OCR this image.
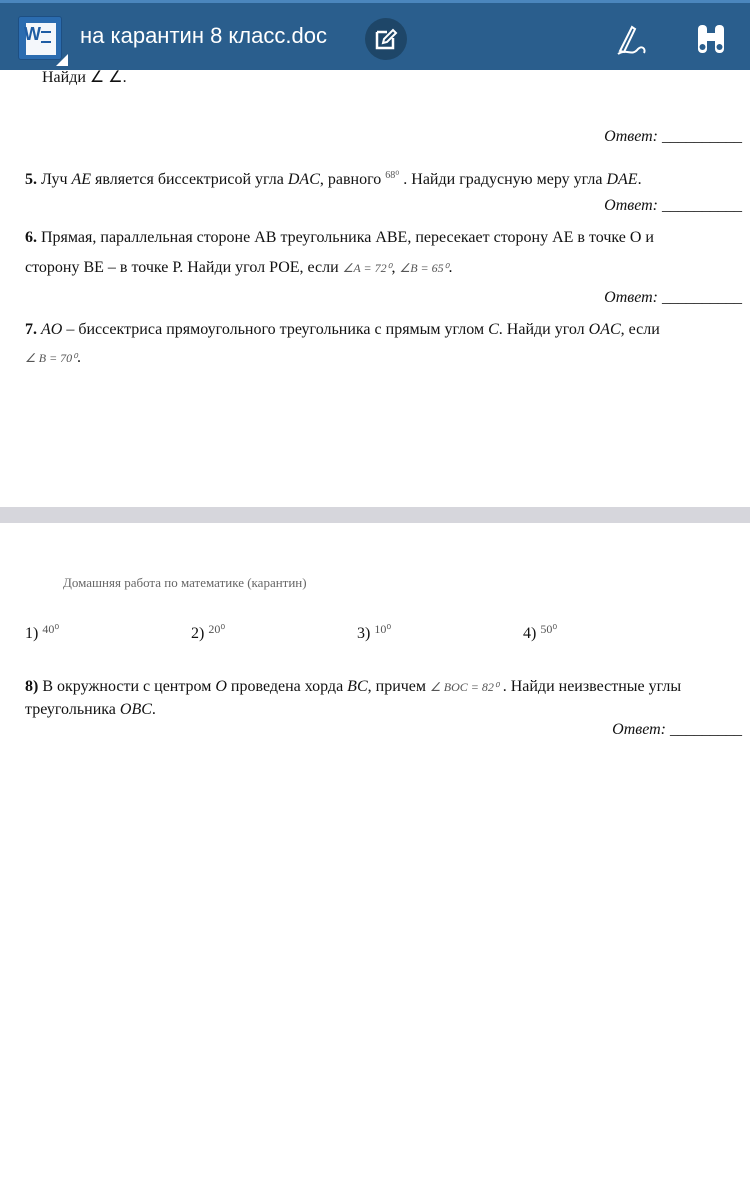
W на карантин 8 класс.doc
Найди ∠ ∠.
Ответ: __________
5. Луч AE является биссектрисой угла DAC, равного $^{68^0}$ . Найди градусную меру угла DAE.
Ответ: __________
6. Прямая, параллельная стороне АВ треугольника АВЕ, пересекает сторону АЕ в точке О и
сторону ВЕ – в точке Р. Найди угол РОЕ, если ∠A = 72⁰, ∠B = 65⁰.
Ответ: __________
7. AO – биссектриса прямоугольного треугольника с прямым углом C. Найди угол OAC, если
∠ B = 70⁰.
Домашняя работа по математике (карантин)
1) $^{40^0}$	2) $^{20^0}$	3) $^{10^0}$	4) $^{50^0}$
8) В окружности с центром O проведена хорда BC, причем ∠ BOC = 82⁰ . Найди неизвестные углы
треугольника OBC.
Ответ: _________
